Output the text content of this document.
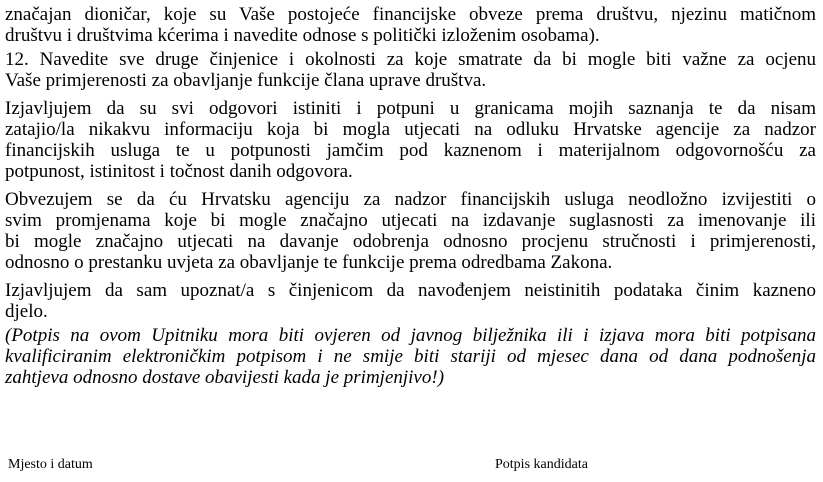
značajan dioničar, koje su Vaše postojeće financijske obveze prema društvu, njezinu matičnom
društvu i društvima kćerima i navedite odnose s politički izloženim osobama).

12. Navedite sve druge činjenice i okolnosti za koje smatrate da bi mogle biti važne za ocjenu
Vaše primjerenosti za obavljanje funkcije člana uprave društva.

Izjavljujem da su svi odgovori istiniti i potpuni u granicama mojih saznanja te da nisam
zatajio/la nikakvu informaciju koja bi mogla utjecati na odluku Hrvatske agencije za nadzor
financijskih usluga te u potpunosti jamčim pod kaznenom i materijalnom odgovornošću za
potpunost, istinitost i točnost danih odgovora.

Obvezujem se da ću Hrvatsku agenciju za nadzor financijskih usluga neodložno izvijestiti o
svim promjenama koje bi mogle značajno utjecati na izdavanje suglasnosti za imenovanje ili
bi mogle značajno utjecati na davanje odobrenja odnosno procjenu stručnosti i primjerenosti,
odnosno o prestanku uvjeta za obavljanje te funkcije prema odredbama Zakona.

Izjavljujem da sam upoznat/a s činjenicom da navođenjem neistinitih podataka činim kazneno
djelo.

(Potpis na ovom Upitniku mora biti ovjeren od javnog bilježnika ili i izjava mora biti potpisana
kvalificiranim elektroničkim potpisom i ne smije biti stariji od mjesec dana od dana podnošenja
zahtjeva odnosno dostave obavijesti kada je primjenjivo!)

Mjesto i datum	Potpis kandidata
